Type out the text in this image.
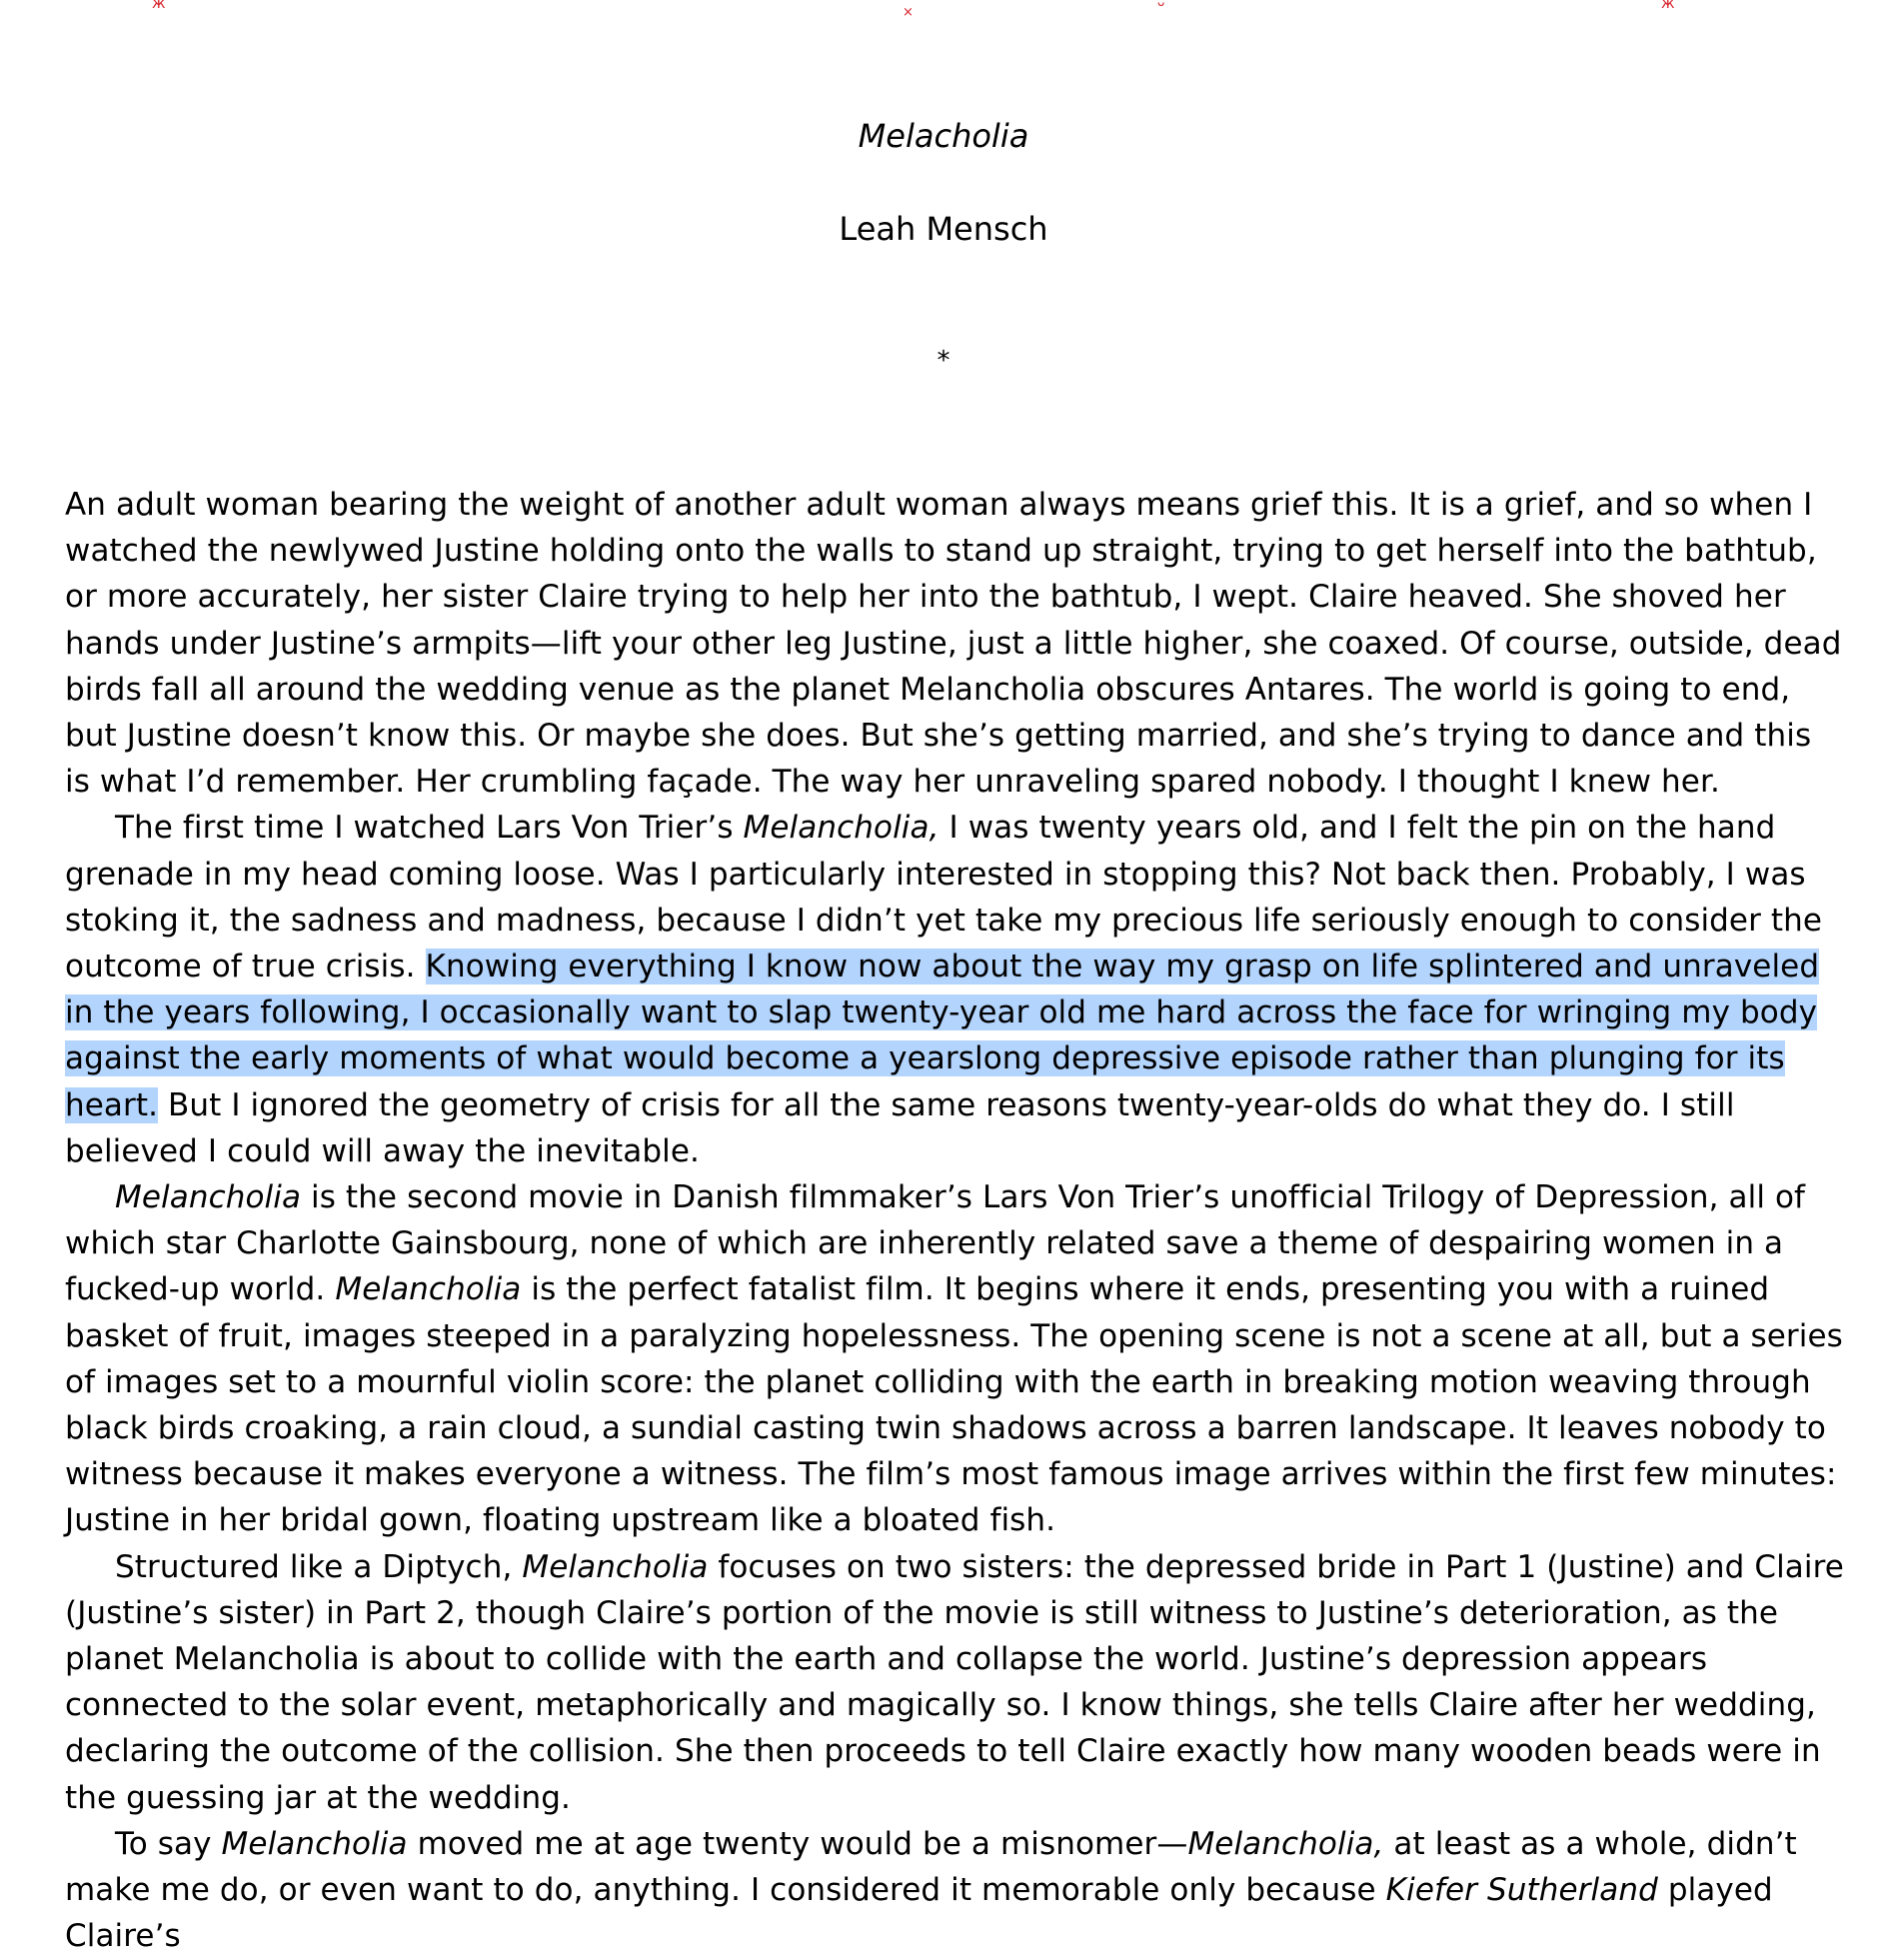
ж
×
ᴗ	ж
Melacholia
Leah Mensch
*

An adult woman bearing the weight of another adult woman always means grief this. It is a grief, and so when I watched the newlywed Justine holding onto the walls to stand up straight, trying to get herself into the bathtub, or more accurately, her sister Claire trying to help her into the bathtub, I wept. Claire heaved. She shoved her hands under Justine’s armpits—lift your other leg Justine, just a little higher, she coaxed. Of course, outside, dead birds fall all around the wedding venue as the planet Melancholia obscures Antares. The world is going to end, but Justine doesn’t know this. Or maybe she does. But she’s getting married, and she’s trying to dance and this is what I’d remember. Her crumbling façade. The way her unraveling spared nobody. I thought I knew her.

The first time I watched Lars Von Trier’s Melancholia, I was twenty years old, and I felt the pin on the hand grenade in my head coming loose. Was I particularly interested in stopping this? Not back then. Probably, I was stoking it, the sadness and madness, because I didn’t yet take my precious life seriously enough to consider the outcome of true crisis. Knowing everything I know now about the way my grasp on life splintered and unraveled in the years following, I occasionally want to slap twenty-year old me hard across the face for wringing my body against the early moments of what would become a yearslong depressive episode rather than plunging for its heart. But I ignored the geometry of crisis for all the same reasons twenty-year-olds do what they do. I still believed I could will away the inevitable.

Melancholia is the second movie in Danish filmmaker’s Lars Von Trier’s unofficial Trilogy of Depression, all of which star Charlotte Gainsbourg, none of which are inherently related save a theme of despairing women in a fucked-up world. Melancholia is the perfect fatalist film. It begins where it ends, presenting you with a ruined basket of fruit, images steeped in a paralyzing hopelessness. The opening scene is not a scene at all, but a series of images set to a mournful violin score: the planet colliding with the earth in breaking motion weaving through black birds croaking, a rain cloud, a sundial casting twin shadows across a barren landscape. It leaves nobody to witness because it makes everyone a witness. The film’s most famous image arrives within the first few minutes: Justine in her bridal gown, floating upstream like a bloated fish.

Structured like a Diptych, Melancholia focuses on two sisters: the depressed bride in Part 1 (Justine) and Claire (Justine’s sister) in Part 2, though Claire’s portion of the movie is still witness to Justine’s deterioration, as the planet Melancholia is about to collide with the earth and collapse the world. Justine’s depression appears connected to the solar event, metaphorically and magically so. I know things, she tells Claire after her wedding, declaring the outcome of the collision. She then proceeds to tell Claire exactly how many wooden beads were in the guessing jar at the wedding.

To say Melancholia moved me at age twenty would be a misnomer—Melancholia, at least as a whole, didn’t make me do, or even want to do, anything. I considered it memorable only because Kiefer Sutherland played Claire’s
